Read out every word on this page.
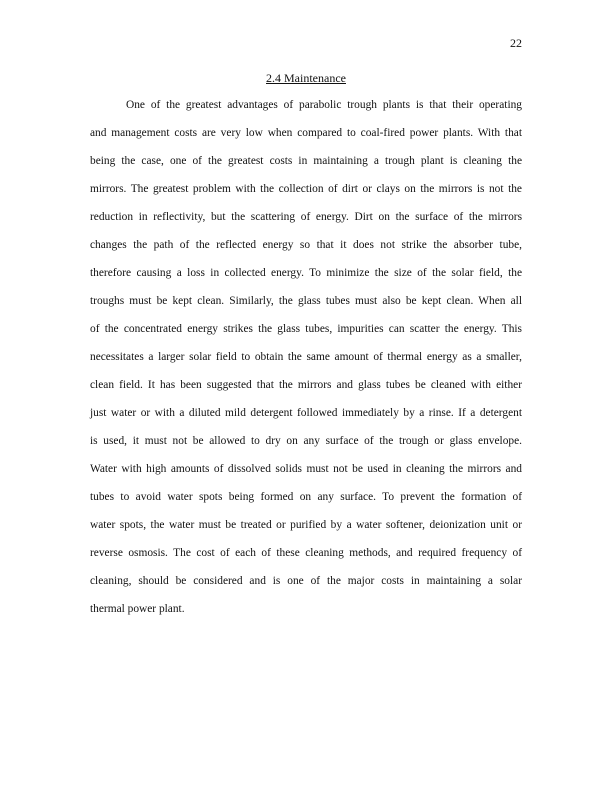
22
2.4 Maintenance
One of the greatest advantages of parabolic trough plants is that their operating
and management costs are very low when compared to coal-fired power plants. With that
being the case, one of the greatest costs in maintaining a trough plant is cleaning the
mirrors. The greatest problem with the collection of dirt or clays on the mirrors is not the
reduction in reflectivity, but the scattering of energy. Dirt on the surface of the mirrors
changes the path of the reflected energy so that it does not strike the absorber tube,
therefore causing a loss in collected energy. To minimize the size of the solar field, the
troughs must be kept clean. Similarly, the glass tubes must also be kept clean. When all
of the concentrated energy strikes the glass tubes, impurities can scatter the energy. This
necessitates a larger solar field to obtain the same amount of thermal energy as a smaller,
clean field. It has been suggested that the mirrors and glass tubes be cleaned with either
just water or with a diluted mild detergent followed immediately by a rinse. If a detergent
is used, it must not be allowed to dry on any surface of the trough or glass envelope.
Water with high amounts of dissolved solids must not be used in cleaning the mirrors and
tubes to avoid water spots being formed on any surface. To prevent the formation of
water spots, the water must be treated or purified by a water softener, deionization unit or
reverse osmosis. The cost of each of these cleaning methods, and required frequency of
cleaning, should be considered and is one of the major costs in maintaining a solar
thermal power plant.
